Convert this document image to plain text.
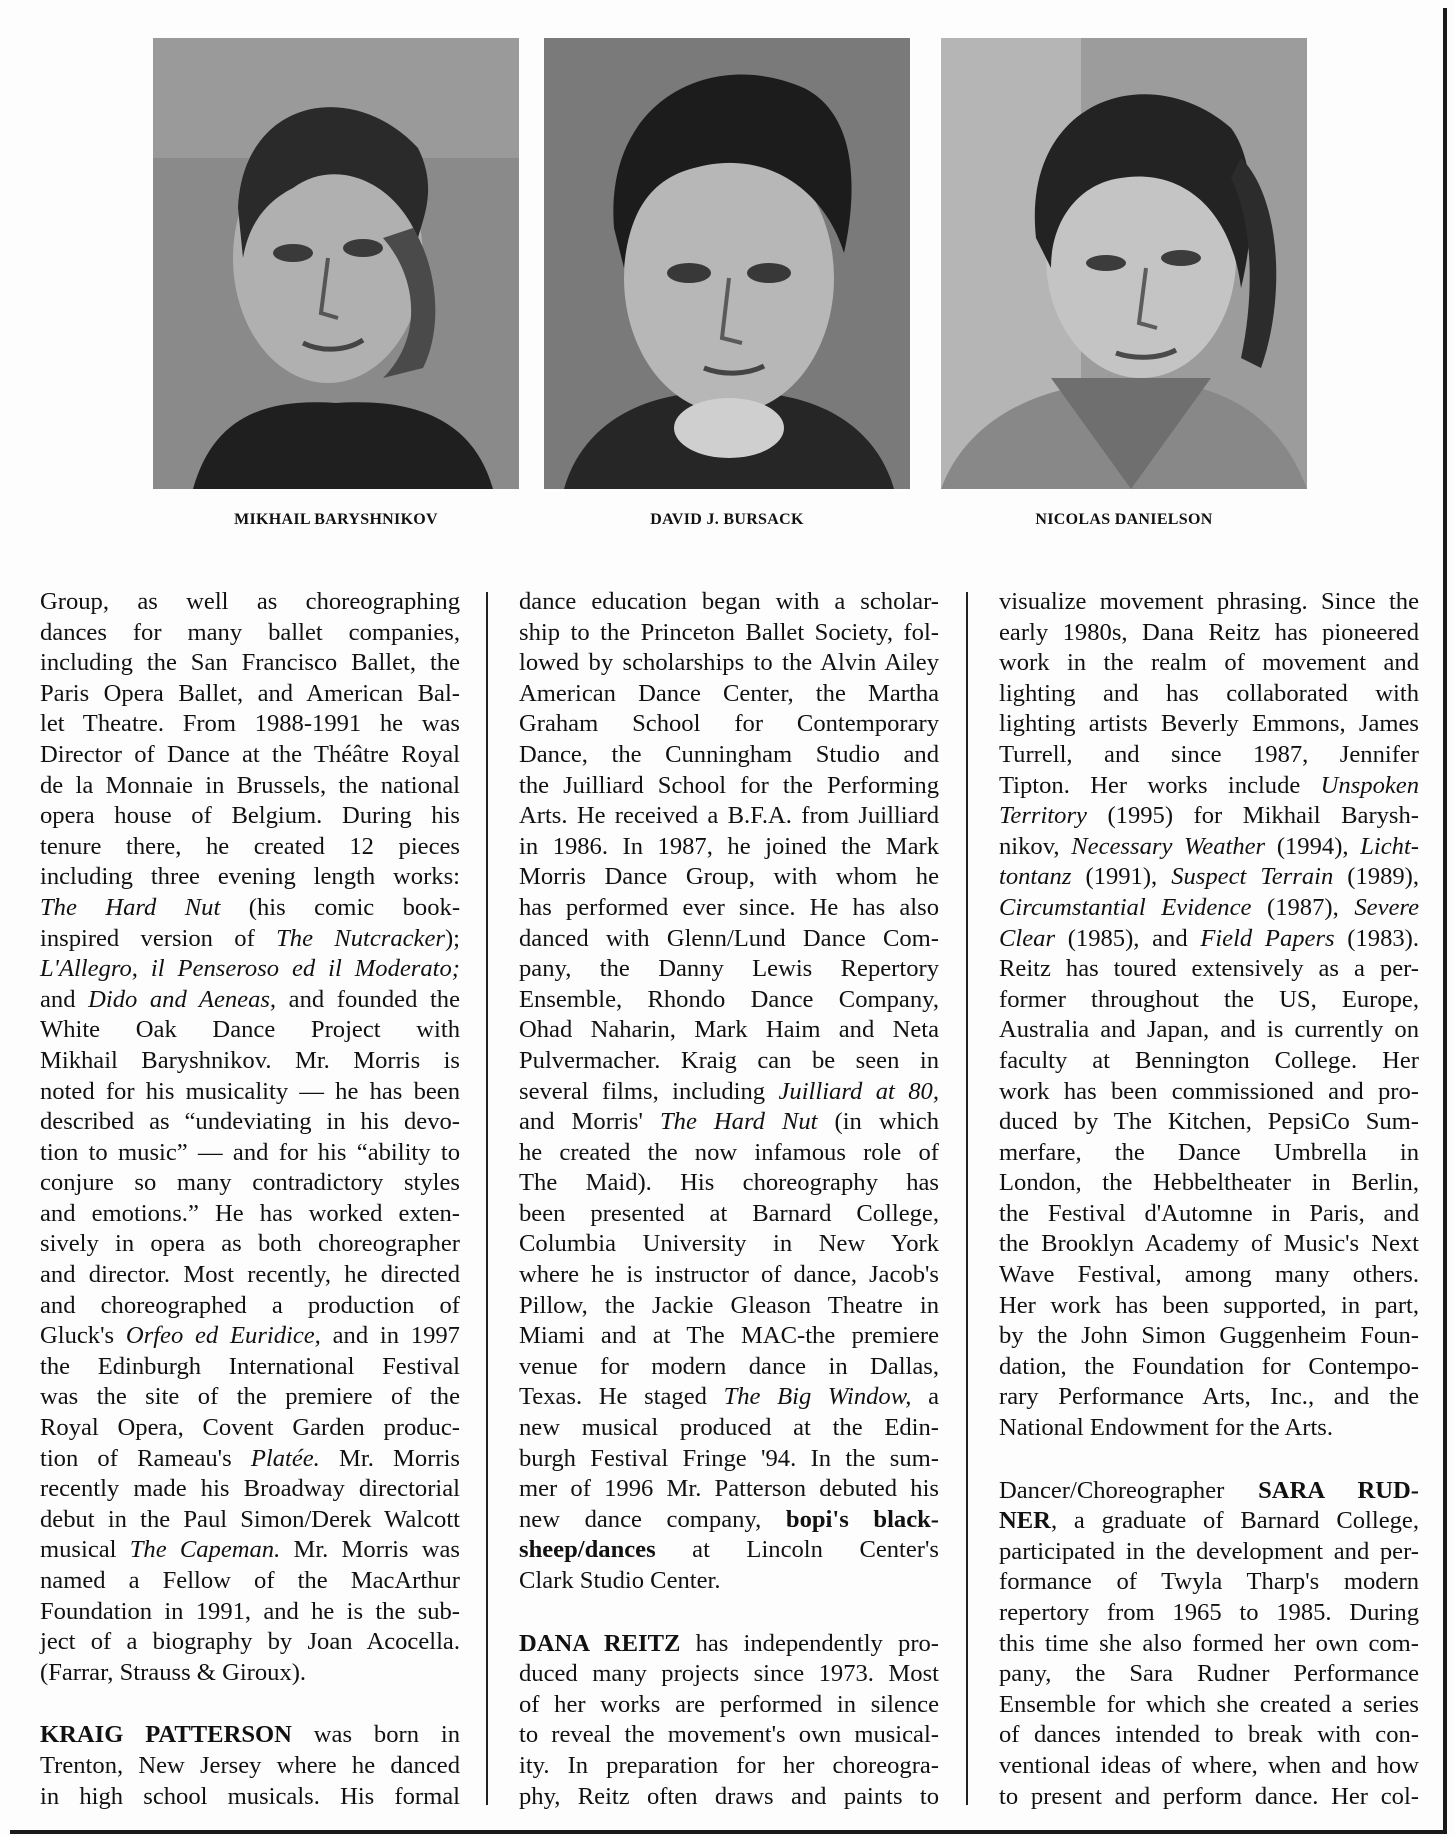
MIKHAIL BARYSHNIKOV	DAVID J. BURSACK	NICOLAS DANIELSON

Group, as well as choreographing
dances for many ballet companies,
including the San Francisco Ballet, the
Paris Opera Ballet, and American Bal-
let Theatre. From 1988-1991 he was
Director of Dance at the Théâtre Royal
de la Monnaie in Brussels, the national
opera house of Belgium. During his
tenure there, he created 12 pieces
including three evening length works:
The Hard Nut (his comic book-
inspired version of The Nutcracker);
L'Allegro, il Penseroso ed il Moderato;
and Dido and Aeneas, and founded the
White Oak Dance Project with
Mikhail Baryshnikov. Mr. Morris is
noted for his musicality — he has been
described as “undeviating in his devo-
tion to music” — and for his “ability to
conjure so many contradictory styles
and emotions.” He has worked exten-
sively in opera as both choreographer
and director. Most recently, he directed
and choreographed a production of
Gluck's Orfeo ed Euridice, and in 1997
the Edinburgh International Festival
was the site of the premiere of the
Royal Opera, Covent Garden produc-
tion of Rameau's Platée. Mr. Morris
recently made his Broadway directorial
debut in the Paul Simon/Derek Walcott
musical The Capeman. Mr. Morris was
named a Fellow of the MacArthur
Foundation in 1991, and he is the sub-
ject of a biography by Joan Acocella.
(Farrar, Strauss & Giroux).

KRAIG PATTERSON was born in
Trenton, New Jersey where he danced
in high school musicals. His formal

dance education began with a scholar-
ship to the Princeton Ballet Society, fol-
lowed by scholarships to the Alvin Ailey
American Dance Center, the Martha
Graham School for Contemporary
Dance, the Cunningham Studio and
the Juilliard School for the Performing
Arts. He received a B.F.A. from Juilliard
in 1986. In 1987, he joined the Mark
Morris Dance Group, with whom he
has performed ever since. He has also
danced with Glenn/Lund Dance Com-
pany, the Danny Lewis Repertory
Ensemble, Rhondo Dance Company,
Ohad Naharin, Mark Haim and Neta
Pulvermacher. Kraig can be seen in
several films, including Juilliard at 80,
and Morris' The Hard Nut (in which
he created the now infamous role of
The Maid). His choreography has
been presented at Barnard College,
Columbia University in New York
where he is instructor of dance, Jacob's
Pillow, the Jackie Gleason Theatre in
Miami and at The MAC-the premiere
venue for modern dance in Dallas,
Texas. He staged The Big Window, a
new musical produced at the Edin-
burgh Festival Fringe '94. In the sum-
mer of 1996 Mr. Patterson debuted his
new dance company, bopi's black-
sheep/dances at Lincoln Center's
Clark Studio Center.

DANA REITZ has independently pro-
duced many projects since 1973. Most
of her works are performed in silence
to reveal the movement's own musical-
ity. In preparation for her choreogra-
phy, Reitz often draws and paints to

visualize movement phrasing. Since the
early 1980s, Dana Reitz has pioneered
work in the realm of movement and
lighting and has collaborated with
lighting artists Beverly Emmons, James
Turrell, and since 1987, Jennifer
Tipton. Her works include Unspoken
Territory (1995) for Mikhail Barysh-
nikov, Necessary Weather (1994), Licht-
tontanz (1991), Suspect Terrain (1989),
Circumstantial Evidence (1987), Severe
Clear (1985), and Field Papers (1983).
Reitz has toured extensively as a per-
former throughout the US, Europe,
Australia and Japan, and is currently on
faculty at Bennington College. Her
work has been commissioned and pro-
duced by The Kitchen, PepsiCo Sum-
merfare, the Dance Umbrella in
London, the Hebbeltheater in Berlin,
the Festival d'Automne in Paris, and
the Brooklyn Academy of Music's Next
Wave Festival, among many others.
Her work has been supported, in part,
by the John Simon Guggenheim Foun-
dation, the Foundation for Contempo-
rary Performance Arts, Inc., and the
National Endowment for the Arts.

Dancer/Choreographer SARA RUD-
NER, a graduate of Barnard College,
participated in the development and per-
formance of Twyla Tharp's modern
repertory from 1965 to 1985. During
this time she also formed her own com-
pany, the Sara Rudner Performance
Ensemble for which she created a series
of dances intended to break with con-
ventional ideas of where, when and how
to present and perform dance. Her col-
